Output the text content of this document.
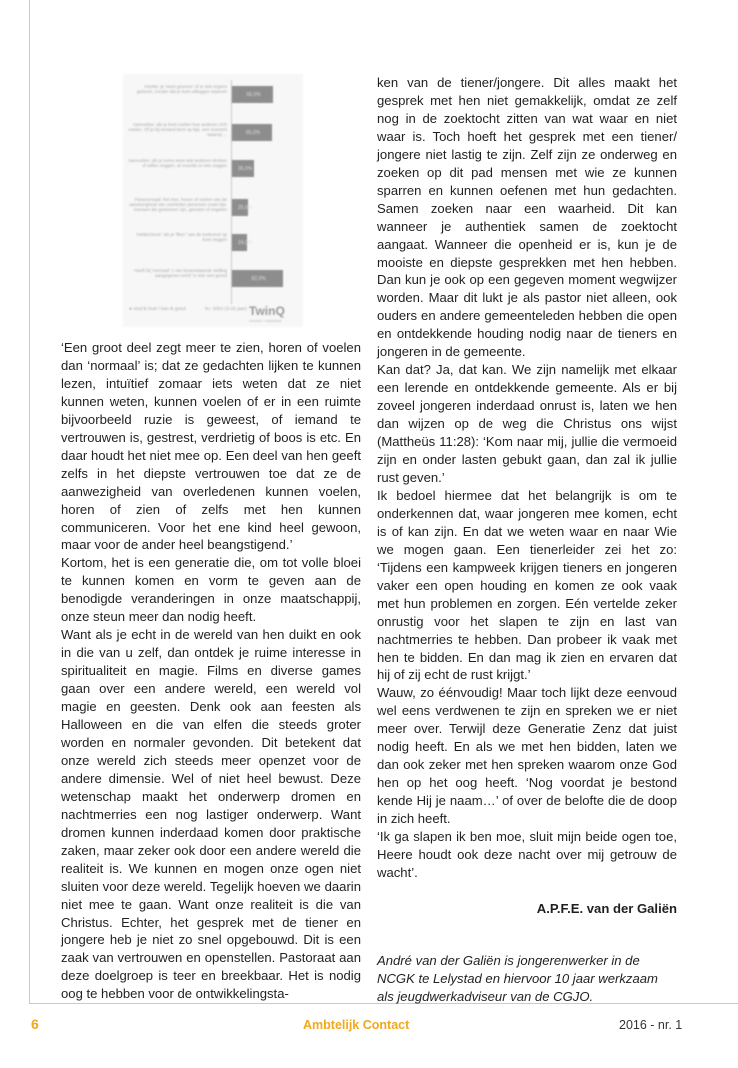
Intuïtie: je 'weet gewoon' of er iets ergens gebeurt, zonder dat je kunt uitleggen waarom
66,0%
Aanvoelen: als je kunt voelen hoe anderen zich voelen. Of je bij iemand bent op bijv. een moment waarop ...	65,0%
Aanvoelen: als je soms weet wat anderen denken of willen zeggen, al voordat ze iets zeggen
35,0%
Paranormaal: het zien, horen of voelen van de aanwezigheid van overleden personen zoals bijv. mensen die gestorven zijn, geesten of engelen 25,0%
Helderziend: 'als je 'ffien'' van de toekomst op kunt zeggen
24,0%
Heeft bij 'normaal' 1 van bovenstaande stelling aangegeven en/of 'is iets' een grond
82,0%
● vind ik leuk / kan ik goed	N= 2052 (3-25 jaar) TwinQ
research • inspiration

‘Een groot deel zegt meer te zien, horen of voelen dan ‘normaal’ is; dat ze gedachten lijken te kunnen lezen, intuïtief zomaar iets weten dat ze niet kunnen weten, kunnen voelen of er in een ruimte bijvoorbeeld ruzie is geweest, of iemand te vertrouwen is, gestrest, verdrietig of boos is etc. En daar houdt het niet mee op. Een deel van hen geeft zelfs in het diepste vertrouwen toe dat ze de aanwezigheid van overledenen kunnen voelen, horen of zien of zelfs met hen kunnen communiceren. Voor het ene kind heel gewoon, maar voor de ander heel beangstigend.’

Kortom, het is een generatie die, om tot volle bloei te kunnen komen en vorm te geven aan de benodigde veranderingen in onze maatschappij, onze steun meer dan nodig heeft.

Want als je echt in de wereld van hen duikt en ook in die van u zelf, dan ontdek je ruime interesse in spiritualiteit en magie. Films en diverse games gaan over een andere wereld, een wereld vol magie en geesten. Denk ook aan feesten als Halloween en die van elfen die steeds groter worden en normaler gevonden. Dit betekent dat onze wereld zich steeds meer openzet voor de andere dimensie. Wel of niet heel bewust. Deze wetenschap maakt het onderwerp dromen en nachtmerries een nog lastiger onderwerp. Want dromen kunnen inderdaad komen door praktische zaken, maar zeker ook door een andere wereld die realiteit is. We kunnen en mogen onze ogen niet sluiten voor deze wereld. Tegelijk hoeven we daarin niet mee te gaan. Want onze realiteit is die van Christus. Echter, het gesprek met de tiener en jongere heb je niet zo snel opgebouwd. Dit is een zaak van vertrouwen en openstellen. Pastoraat aan deze doelgroep is teer en breekbaar. Het is nodig oog te hebben voor de ontwikkelingsta-

ken van de tiener/jongere. Dit alles maakt het gesprek met hen niet gemakkelijk, omdat ze zelf nog in de zoektocht zitten van wat waar en niet waar is. Toch hoeft het gesprek met een tiener/ jongere niet lastig te zijn. Zelf zijn ze onderweg en zoeken op dit pad mensen met wie ze kunnen sparren en kunnen oefenen met hun gedachten. Samen zoeken naar een waarheid. Dit kan wanneer je authentiek samen de zoektocht aangaat. Wanneer die openheid er is, kun je de mooiste en diepste gesprekken met hen hebben. Dan kun je ook op een gegeven moment wegwijzer worden. Maar dit lukt je als pastor niet alleen, ook ouders en andere gemeenteleden hebben die open en ontdekkende houding nodig naar de tieners en jongeren in de gemeente.

Kan dat? Ja, dat kan. We zijn namelijk met elkaar een lerende en ontdekkende gemeente. Als er bij zoveel jongeren inderdaad onrust is, laten we hen dan wijzen op de weg die Christus ons wijst (Mattheüs 11:28): ‘Kom naar mij, jullie die vermoeid zijn en onder lasten gebukt gaan, dan zal ik jullie rust geven.’

Ik bedoel hiermee dat het belangrijk is om te onderkennen dat, waar jongeren mee komen, echt is of kan zijn. En dat we weten waar en naar Wie we mogen gaan. Een tienerleider zei het zo: ‘Tijdens een kampweek krijgen tieners en jongeren vaker een open houding en komen ze ook vaak met hun problemen en zorgen. Eén vertelde zeker onrustig voor het slapen te zijn en last van nachtmerries te hebben. Dan probeer ik vaak met hen te bidden. En dan mag ik zien en ervaren dat hij of zij echt de rust krijgt.’

Wauw, zo éénvoudig! Maar toch lijkt deze eenvoud wel eens verdwenen te zijn en spreken we er niet meer over. Terwijl deze Generatie Zenz dat juist nodig heeft. En als we met hen bidden, laten we dan ook zeker met hen spreken waarom onze God hen op het oog heeft. ‘Nog voordat je bestond kende Hij je naam…’ of over de belofte die de doop in zich heeft.

‘Ik ga slapen ik ben moe, sluit mijn beide ogen toe, Heere houdt ook deze nacht over mij getrouw de wacht’.

A.P.F.E. van der Galiën

André van der Galiën is jongerenwerker in de NCGK te Lelystad en hiervoor 10 jaar werkzaam als jeugdwerkadviseur van de CGJO.

6	Ambtelijk Contact	2016 - nr. 1
